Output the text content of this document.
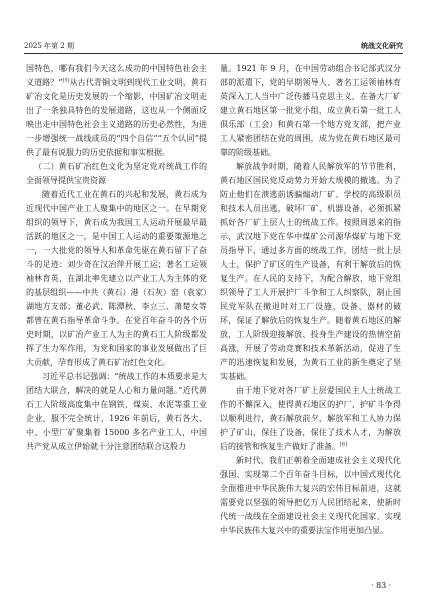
2025 年第 2 期	统战文化研究

国特色，哪有我们今天这么成功的中国特色社会主义道路？”[5]从古代青铜文明到现代工业文明，黄石矿冶文化是历史发展的一个缩影，中国矿冶文明走出了一条独具特色的发展道路，这也从一个侧面反映出走中国特色社会主义道路的历史必然性，为进一步增强统一战线成员的“四个自信”“五个认同”提供了最有说服力的历史依据和事实根据。

（二）黄石矿冶红色文化为坚定党对统战工作的全面领导提供宝贵资源

随着近代工业在黄石的兴起和发展，黄石成为近现代中国产业工人聚集中的地区之一。在早期党组织的领导下，黄石成为我国工人运动开展最早最活跃的地区之一，是中国工人运动的重要策源地之一，一大批党的领导人和革命先驱在黄石留下了奋斗的足迹：刘少奇在汉冶萍开展工运；著名工运领袖林育英，在湖北率先建立以产业工人为主体的党的基层组织——中共（黄石）港（石灰）窑（袁家）湖地方支部；董必武、陈潭秋、李立三、萧楚女等都曾在黄石指导革命斗争。在党百年奋斗的各个历史时期，以矿冶产业工人为主的黄石工人阶级都发挥了生力军作用，为党和国家的事业发展做出了巨大贡献，孕育形成了黄石矿冶红色文化。

习近平总书记强调：“统战工作的本质要求是大团结大联合，解决的就是人心和力量问题。”近代黄石工人阶级高度集中在钢铁、煤炭、水泥等重工业企业，服不完全统计，1926 年前后，黄石各大、中、小型厂矿聚集着 15000 多名产业工人，中国共产党从成立伊始就十分注意团结联合这股力

量。1921 年 9 月，在中国劳动组合书记部武汉分部的派遣下，党的早期领导人、著名工运领袖林育英深入工人当中广泛传播马克思主义，在备大厂矿建立黄石地区第一批党小组，成立黄石第一批工人俱乐部（工会）和黄石第一个地方党支部，把产业工人紧密团结在党的周围，成为党在黄石地区最可靠的阶级基础。

解放战争时期，随着人民解放军的节节胜利，黄石地区国民党反动势力开始大规模的撤逃。为了防止他们在溃逃前诱骗煽动厂矿、学校的高级职员和技术人员出逃，破坏厂矿、机器设备，必须抓紧抓好各厂矿上层人士的统战工作。按照周恩来的指示，武汉地下党在华中煤矿公司源华煤矿与地下党员指导下，通过多方面的统战工作，团结一批上层人士，保护了矿区的生产设备，有利于解放后的恢复生产。在人民的支持下，为配合解放，地下党组织领导了工人开展护厂斗争和工人纠察队，制止国民党军队在撤退时对工厂设施、设备、器材的破坏，保证了解放后的恢复生产。随着黄石地区的解放，工人阶级迎接解放、投身生产建设的热情空前高涨，开展了劳动竞赛和技术革新活动，促进了生产的迅速恢复和发展，为黄石工业的新生奠定了坚实基础。

由于地下党对各厂矿上层爱国民主人士统战工作的不懈深入，使得黄石地区的护厂、护矿斗争得以顺利进行，黄石解放前夕，解放军和工人协力保护了矿山，保住了设备，保住了技术人才，为解放后的接管和恢复生产做好了准备。[6]

新时代，我们正朝着全面建成社会主义现代化强国、实现第二个百年奋斗目标，以中国式现代化全面推进中华民族伟大复兴的宏伟目标前进，这就需要党以坚强的领导把亿万人民团结起来，使新时代统一战线在全面建设社会主义现代化国家、实现中华民族伟大复兴中的重要法宝作用更加凸显。

· 83 ·
